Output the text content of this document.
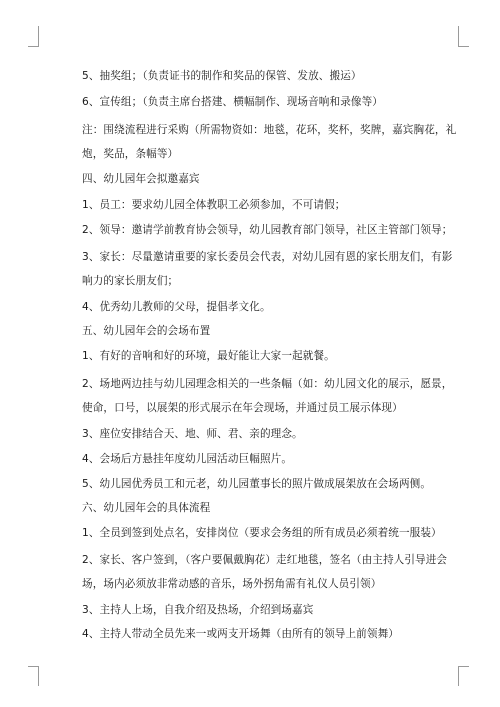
5、抽奖组；（负责证书的制作和奖品的保管、发放、搬运）
6、宣传组；（负责主席台搭建、横幅制作、现场音响和录像等）
注：围绕流程进行采购（所需物资如：地毯，花环，奖杯，奖牌，嘉宾胸花，礼炮，奖品，条幅等）
四、幼儿园年会拟邀嘉宾
1、员工：要求幼儿园全体教职工必须参加，不可请假；
2、领导：邀请学前教育协会领导，幼儿园教育部门领导，社区主管部门领导；
3、家长：尽量邀请重要的家长委员会代表，对幼儿园有恩的家长朋友们，有影响力的家长朋友们；
4、优秀幼儿教师的父母，提倡孝文化。
五、幼儿园年会的会场布置
1、有好的音响和好的环境，最好能让大家一起就餐。
2、场地两边挂与幼儿园理念相关的一些条幅（如：幼儿园文化的展示，愿景，使命，口号，以展架的形式展示在年会现场，并通过员工展示体现）
3、座位安排结合天、地、师、君、亲的理念。
4、会场后方悬挂年度幼儿园活动巨幅照片。
5、幼儿园优秀员工和元老，幼儿园董事长的照片做成展架放在会场两侧。
六、幼儿园年会的具体流程
1、全员到签到处点名，安排岗位（要求会务组的所有成员必须着统一服装）
2、家长、客户签到，（客户要佩戴胸花）走红地毯，签名（由主持人引导进会场，场内必须放非常动感的音乐，场外拐角需有礼仪人员引领）
3、主持人上场，自我介绍及热场，介绍到场嘉宾
4、主持人带动全员先来一或两支开场舞（由所有的领导上前领舞）
